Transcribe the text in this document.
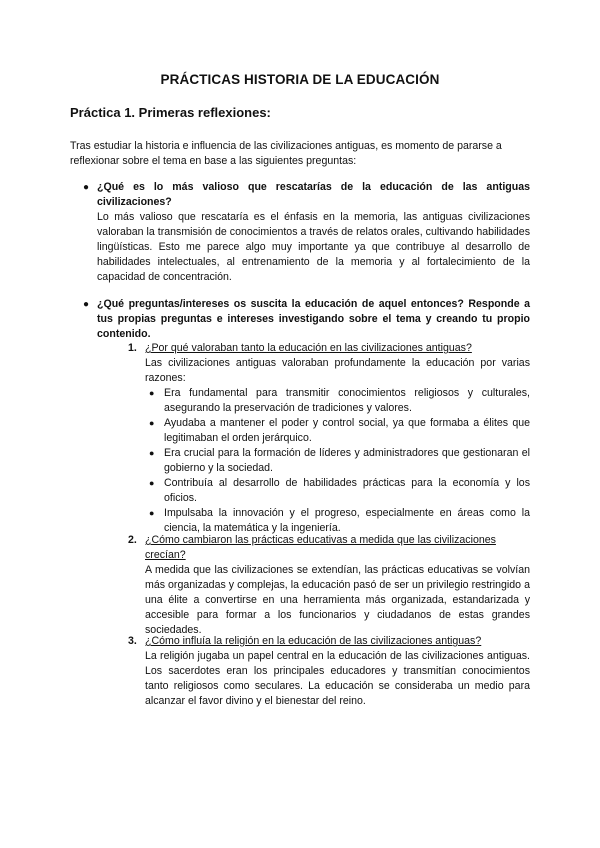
PRÁCTICAS HISTORIA DE LA EDUCACIÓN
Práctica 1. Primeras reflexiones:
Tras estudiar la historia e influencia de las civilizaciones antiguas, es momento de pararse a reflexionar sobre el tema en base a las siguientes preguntas:
● ¿Qué es lo más valioso que rescatarías de la educación de las antiguas civilizaciones?
Lo más valioso que rescataría es el énfasis en la memoria, las antiguas civilizaciones valoraban la transmisión de conocimientos a través de relatos orales, cultivando habilidades lingüísticas. Esto me parece algo muy importante ya que contribuye al desarrollo de habilidades intelectuales, al entrenamiento de la memoria y al fortalecimiento de la capacidad de concentración.
● ¿Qué preguntas/intereses os suscita la educación de aquel entonces? Responde a tus propias preguntas e intereses investigando sobre el tema y creando tu propio contenido.
1. ¿Por qué valoraban tanto la educación en las civilizaciones antiguas?
Las civilizaciones antiguas valoraban profundamente la educación por varias razones:
● Era fundamental para transmitir conocimientos religiosos y culturales, asegurando la preservación de tradiciones y valores.
● Ayudaba a mantener el poder y control social, ya que formaba a élites que legitimaban el orden jerárquico.
● Era crucial para la formación de líderes y administradores que gestionaran el gobierno y la sociedad.
● Contribuía al desarrollo de habilidades prácticas para la economía y los oficios.
● Impulsaba la innovación y el progreso, especialmente en áreas como la ciencia, la matemática y la ingeniería.
2. ¿Cómo cambiaron las prácticas educativas a medida que las civilizaciones crecían?
A medida que las civilizaciones se extendían, las prácticas educativas se volvían más organizadas y complejas, la educación pasó de ser un privilegio restringido a una élite a convertirse en una herramienta más organizada, estandarizada y accesible para formar a los funcionarios y ciudadanos de estas grandes sociedades.
3. ¿Cómo influía la religión en la educación de las civilizaciones antiguas?
La religión jugaba un papel central en la educación de las civilizaciones antiguas. Los sacerdotes eran los principales educadores y transmitían conocimientos tanto religiosos como seculares. La educación se consideraba un medio para alcanzar el favor divino y el bienestar del reino.
